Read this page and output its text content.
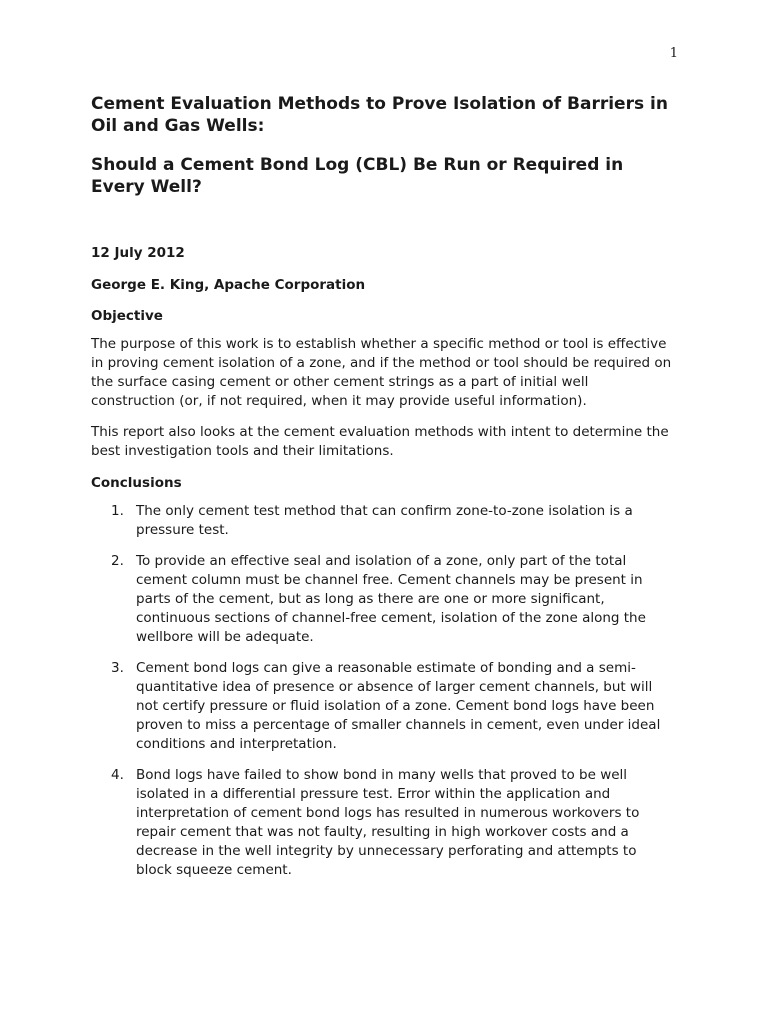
1
Cement Evaluation Methods to Prove Isolation of Barriers in Oil and Gas Wells:
Should a Cement Bond Log (CBL) Be Run or Required in Every Well?

12 July 2012

George E. King, Apache Corporation

Objective

The purpose of this work is to establish whether a specific method or tool is effective in proving cement isolation of a zone, and if the method or tool should be required on the surface casing cement or other cement strings as a part of initial well construction (or, if not required, when it may provide useful information).

This report also looks at the cement evaluation methods with intent to determine the best investigation tools and their limitations.

Conclusions
1. The only cement test method that can confirm zone-to-zone isolation is a pressure test.
2. To provide an effective seal and isolation of a zone, only part of the total cement column must be channel free. Cement channels may be present in parts of the cement, but as long as there are one or more significant, continuous sections of channel-free cement, isolation of the zone along the wellbore will be adequate.
3. Cement bond logs can give a reasonable estimate of bonding and a semi-quantitative idea of presence or absence of larger cement channels, but will not certify pressure or fluid isolation of a zone. Cement bond logs have been proven to miss a percentage of smaller channels in cement, even under ideal conditions and interpretation.
4. Bond logs have failed to show bond in many wells that proved to be well isolated in a differential pressure test. Error within the application and interpretation of cement bond logs has resulted in numerous workovers to repair cement that was not faulty, resulting in high workover costs and a decrease in the well integrity by unnecessary perforating and attempts to block squeeze cement.
